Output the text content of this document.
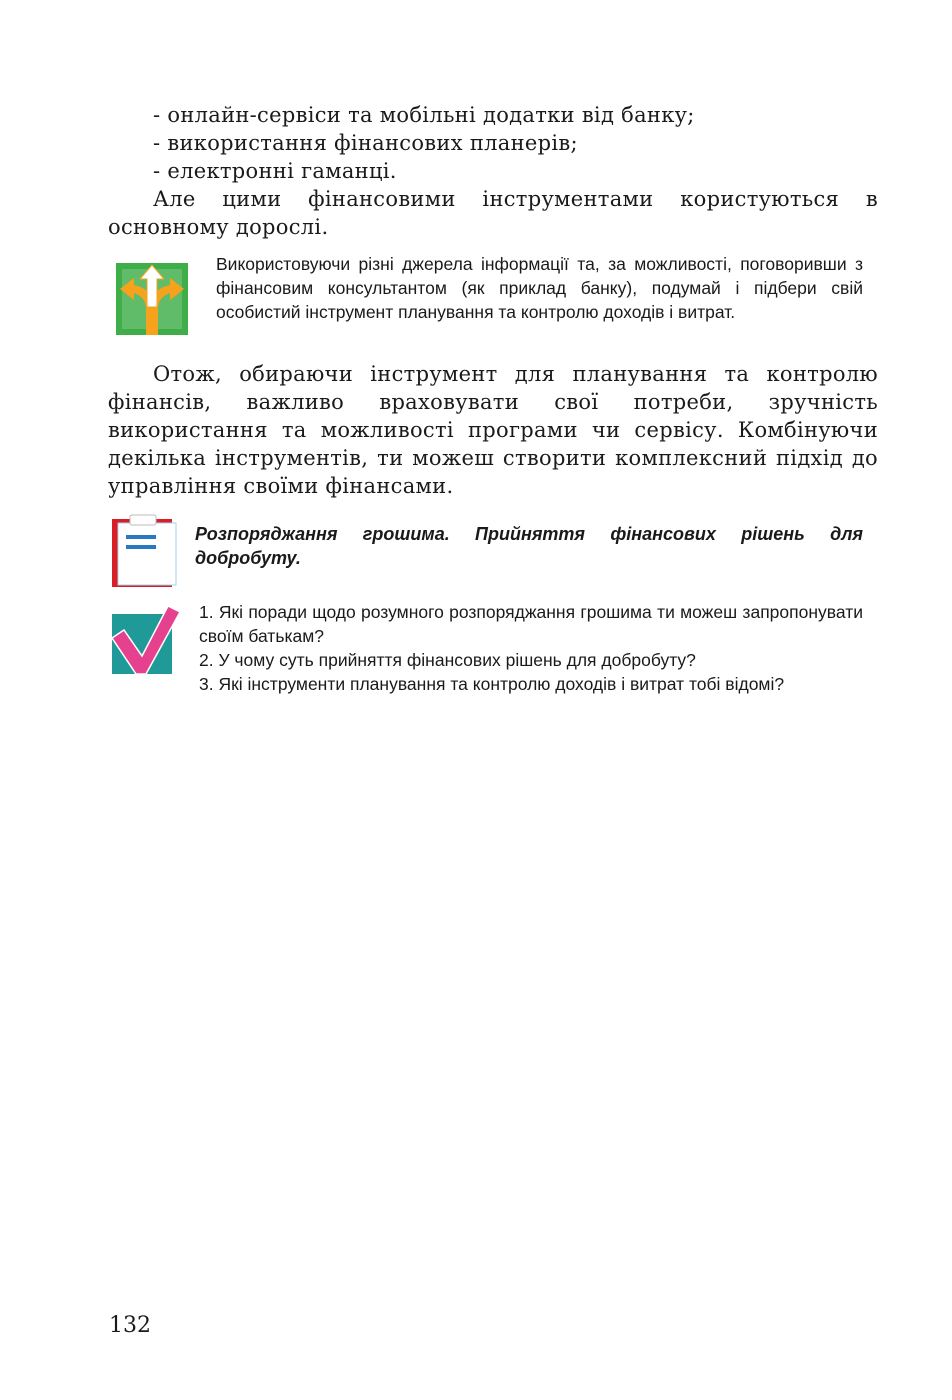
- онлайн-сервіси та мобільні додатки від банку;
- використання фінансових планерів;
- електронні гаманці.
Але цими фінансовими інструментами користуються в основному дорослі.
Використовуючи різні джерела інформації та, за можливості, поговоривши з фінансовим консультантом (як приклад банку), подумай і підбери свій особистий інструмент планування та контролю доходів і витрат.
Отож, обираючи інструмент для планування та контролю фінансів, важливо враховувати свої потреби, зручність використання та можливості програми чи сервісу. Комбінуючи декілька інструментів, ти можеш створити комплексний підхід до управління своїми фінансами.
Розпоряджання грошима. Прийняття фінансових рішень для добробуту.
1. Які поради щодо розумного розпоряджання грошима ти можеш запропонувати своїм батькам?
2. У чому суть прийняття фінансових рішень для добробуту?
3. Які інструменти планування та контролю доходів і витрат тобі відомі?
132
